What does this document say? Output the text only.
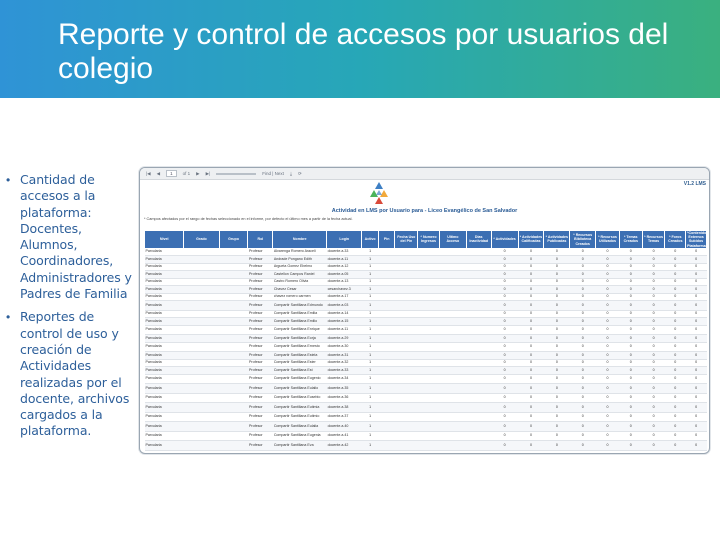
Reporte y control de accesos por usuarios del colegio
• Cantidad de accesos a la plataforma: Docentes, Alumnos, Coordinadores, Administradores y Padres de Familia
• Reportes de control de uso y creación de Actividades realizadas por el docente, archivos cargados a la plataforma.
|◀ ◀	1	of 1 ▶ ▶|	Find | Next ⤓ ⟳
V1.2 LMS
Actividad en LMS por Usuario para - Liceo Evangélico de San Salvador
* Campos afectados por el rango de fechas seleccionado en el informe, por defecto el último mes a partir de la fecha actual.
Nivel	Grado	Grupo	Rol	Nombre	Login	Activo	Pin	Fecha Uso del Pin	* Numero Ingresos	Ultimo Acceso	Dias Inactividad	* Actividades	* Actividades Calificadas	* Actividades Publicadas	* Recursos Biblioteca Creados	* Recursos Utilizados	* Temas Creados	* Recursos Temas	* Foros Creados	*Contenidos Externos Subidos Plataforma
Parvularia			Profesor	Alvarenga Romero Araceli	docente.a.33	1						0	0	0	0	0	0	0	0	0
Parvularia			Profesor	Andrade Pongano Edith	docente.a.11	1						0	0	0	0	0	0	0	0	0
Parvularia			Profesor	Argueta Gomez Ebelmo	docente.a.12	1						0	0	0	0	0	0	0	0	0
Parvularia			Profesor	Castellon Campos Raniel	docente.a.05	1						0	0	0	0	0	0	0	0	0
Parvularia			Profesor	Castro Romero Olivia	docente.a.13	1						0	0	0	0	0	0	0	0	0
Parvularia			Profesor	Chavez Cesar	cesarchavez.3	1						0	0	0	0	0	0	0	0	0
Parvularia			Profesor	chavez romero carmen	docente.a.17	1						0	0	0	0	0	0	0	0	0
Parvularia			Profesor	Compartir Santillana Edmundo	docente.a.03	1						0	0	0	0	0	0	0	0	0
Parvularia			Profesor	Compartir Santillana Emilia	docente.a.14	1						0	0	0	0	0	0	0	0	0
Parvularia			Profesor	Compartir Santillana Emilio	docente.a.15	1						0	0	0	0	0	0	0	0	0
Parvularia			Profesor	Compartir Santillana Enrique	docente.a.11	1						0	0	0	0	0	0	0	0	0
Parvularia			Profesor	Compartir Santillana Eorja	docente.a.29	1						0	0	0	0	0	0	0	0	0
Parvularia			Profesor	Compartir Santillana Ernesto	docente.a.30	1						0	0	0	0	0	0	0	0	0
Parvularia			Profesor	Compartir Santillana Estela	docente.a.31	1						0	0	0	0	0	0	0	0	0
Parvularia			Profesor	Compartir Santillana Ester	docente.a.32	1						0	0	0	0	0	0	0	0	0
Parvularia			Profesor	Compartir Santillana Est	docente.a.33	1						0	0	0	0	0	0	0	0	0
Parvularia			Profesor	Compartir Santillana Eugenio	docente.a.34	1						0	0	0	0	0	0	0	0	0
Parvularia			Profesor	Compartir Santillana Eulalio	docente.a.35	1						0	0	0	0	0	0	0	0	0
Parvularia			Profesor	Compartir Santillana Eusebio	docente.a.36	1						0	0	0	0	0	0	0	0	0
Parvularia			Profesor	Compartir Santillana Eutimia	docente.a.38	1						0	0	0	0	0	0	0	0	0
Parvularia			Profesor	Compartir Santillana Eutimio	docente.a.37	1						0	0	0	0	0	0	0	0	0
Parvularia			Profesor	Compartir Santillana Eulalia	docente.a.40	1						0	0	0	0	0	0	0	0	0
Parvularia			Profesor	Compartir Santillana Eugenia	docente.a.41	1						0	0	0	0	0	0	0	0	0
Parvularia			Profesor	Compartir Santillana Eva	docente.a.42	1						0	0	0	0	0	0	0	0	0
